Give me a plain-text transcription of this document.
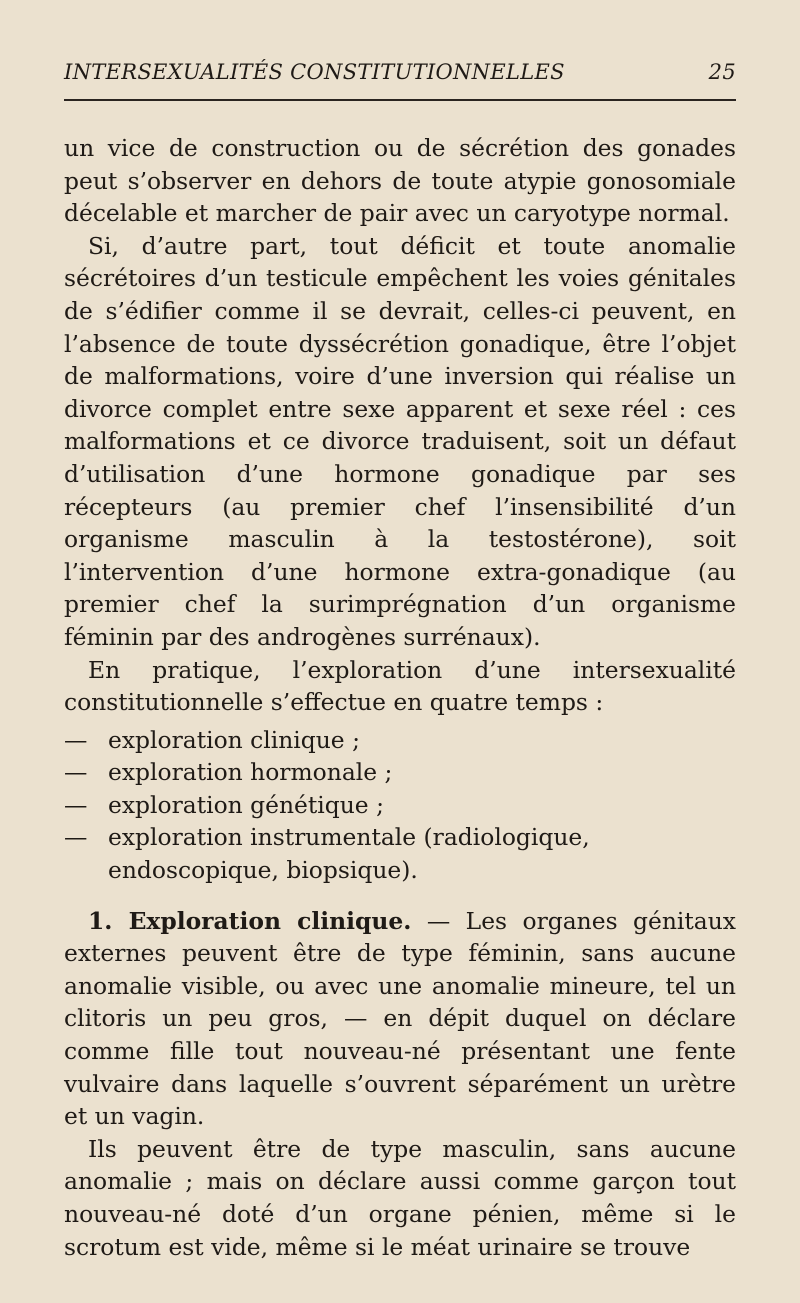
INTERSEXUALITÉS CONSTITUTIONNELLES	25

un vice de construction ou de sécrétion des gonades peut s’observer en dehors de toute atypie gonosomiale décelable et marcher de pair avec un caryotype normal.

Si, d’autre part, tout déficit et toute anomalie sécrétoires d’un testicule empêchent les voies génitales de s’édifier comme il se devrait, celles-ci peuvent, en l’absence de toute dyssécrétion gonadique, être l’objet de malformations, voire d’une inversion qui réalise un divorce complet entre sexe apparent et sexe réel : ces malformations et ce divorce traduisent, soit un défaut d’utilisation d’une hormone gonadique par ses récepteurs (au premier chef l’insensibilité d’un organisme masculin à la testostérone), soit l’intervention d’une hormone extra-gonadique (au premier chef la surimprégnation d’un organisme féminin par des androgènes surrénaux).

En pratique, l’exploration d’une intersexualité constitutionnelle s’effectue en quatre temps :

— exploration clinique ;
— exploration hormonale ;
— exploration génétique ;
— exploration instrumentale (radiologique, endoscopique, biopsique).

1. Exploration clinique. — Les organes génitaux externes peuvent être de type féminin, sans aucune anomalie visible, ou avec une anomalie mineure, tel un clitoris un peu gros, — en dépit duquel on déclare comme fille tout nouveau-né présentant une fente vulvaire dans laquelle s’ouvrent séparément un urètre et un vagin.

Ils peuvent être de type masculin, sans aucune anomalie ; mais on déclare aussi comme garçon tout nouveau-né doté d’un organe pénien, même si le scrotum est vide, même si le méat urinaire se trouve
